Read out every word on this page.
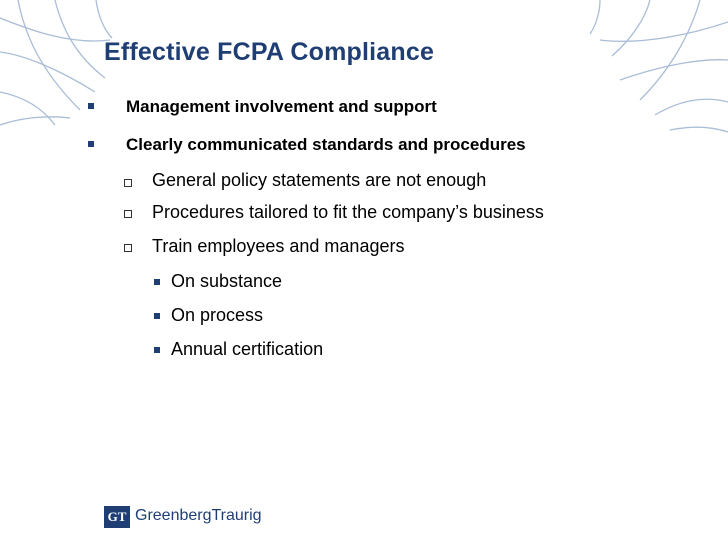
Effective FCPA Compliance
Management involvement and support
Clearly communicated standards and procedures
General policy statements are not enough
Procedures tailored to fit the company’s business
Train employees and managers
On substance
On process
Annual certification
GT GreenbergTraurig
